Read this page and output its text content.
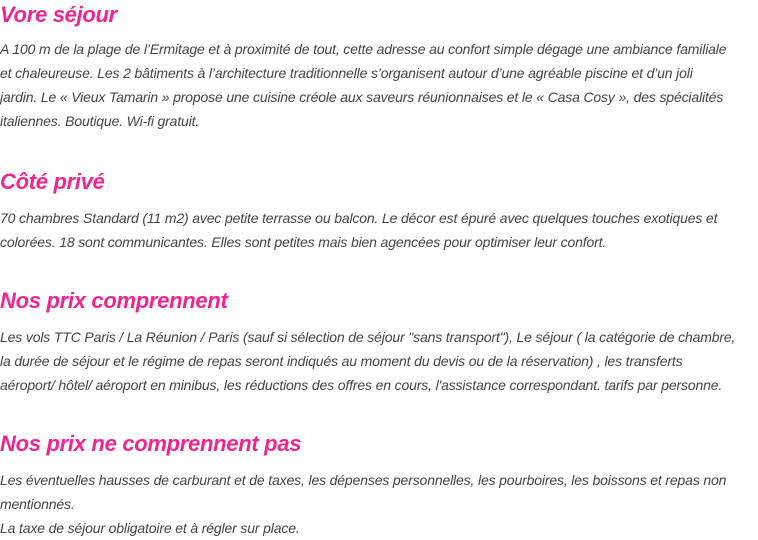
Vore séjour

A 100 m de la plage de l’Ermitage et à proximité de tout, cette adresse au confort simple dégage une ambiance familiale
et chaleureuse. Les 2 bâtiments à l’architecture traditionnelle s’organisent autour d’une agréable piscine et d’un joli
jardin. Le « Vieux Tamarin » propose une cuisine créole aux saveurs réunionnaises et le « Casa Cosy », des spécialités
italiennes. Boutique. Wi-fi gratuit.

Côté privé

70 chambres Standard (11 m2) avec petite terrasse ou balcon. Le décor est épuré avec quelques touches exotiques et
colorées. 18 sont communicantes. Elles sont petites mais bien agencées pour optimiser leur confort.

Nos prix comprennent

Les vols TTC Paris / La Réunion / Paris (sauf si sélection de séjour "sans transport"), Le séjour ( la catégorie de chambre,
la durée de séjour et le régime de repas seront indiqués au moment du devis ou de la réservation) , les transferts
aéroport/ hôtel/ aéroport en minibus, les réductions des offres en cours, l'assistance correspondant. tarifs par personne.

Nos prix ne comprennent pas

Les éventuelles hausses de carburant et de taxes, les dépenses personnelles, les pourboires, les boissons et repas non
mentionnés.
La taxe de séjour obligatoire et à régler sur place.
